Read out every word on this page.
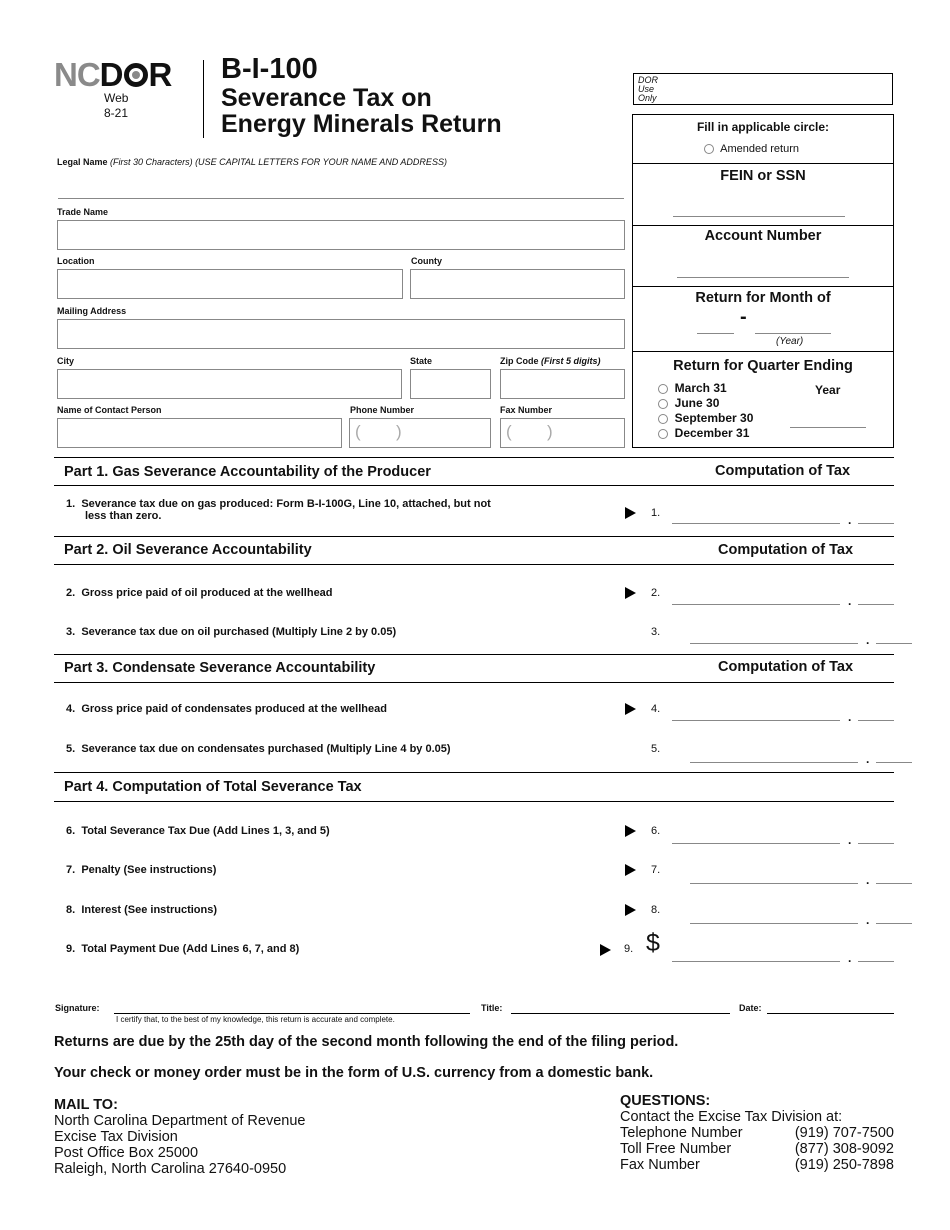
NCD R
Web
8-21
B-I-100
Severance Tax on
Energy Minerals Return
DOR
Use
Only
Legal Name (First 30 Characters) (USE CAPITAL LETTERS FOR YOUR NAME AND ADDRESS)
Trade Name
Location	County
Mailing Address
City	State	Zip Code (First 5 digits)
Name of Contact Person	Phone Number
( )
Fax Number
( )
Fill in applicable circle:
Amended return
FEIN or SSN
Account Number
Return for Month of
-
(Year)
Return for Quarter Ending
March 31
June 30
September 30
December 31
Year
Part 1. Gas Severance Accountability of the Producer	Computation of Tax
1. Severance tax due on gas produced: Form B-I-100G, Line 10, attached, but not
less than zero.	1.	.
Part 2. Oil Severance Accountability	Computation of Tax
2. Gross price paid of oil produced at the wellhead	2.
.
3. Severance tax due on oil purchased (Multiply Line 2 by 0.05)	3.
.
Part 3. Condensate Severance Accountability	Computation of Tax
4. Gross price paid of condensates produced at the wellhead	4.
.
5. Severance tax due on condensates purchased (Multiply Line 4 by 0.05)	5.
.
Part 4. Computation of Total Severance Tax
6. Total Severance Tax Due (Add Lines 1, 3, and 5)	6.
.
7. Penalty (See instructions)	7.
.
8. Interest (See instructions)	8.
.
9. Total Payment Due (Add Lines 6, 7, and 8)	9. $
.
Signature:
I certify that, to the best of my knowledge, this return is accurate and complete.
Title:	Date:
Returns are due by the 25th day of the second month following the end of the filing period.
Your check or money order must be in the form of U.S. currency from a domestic bank.
MAIL TO:
North Carolina Department of Revenue
Excise Tax Division
Post Office Box 25000
Raleigh, North Carolina 27640-0950
QUESTIONS:
Contact the Excise Tax Division at:
Telephone Number	(919) 707-7500
Toll Free Number	(877) 308-9092
Fax Number	(919) 250-7898
